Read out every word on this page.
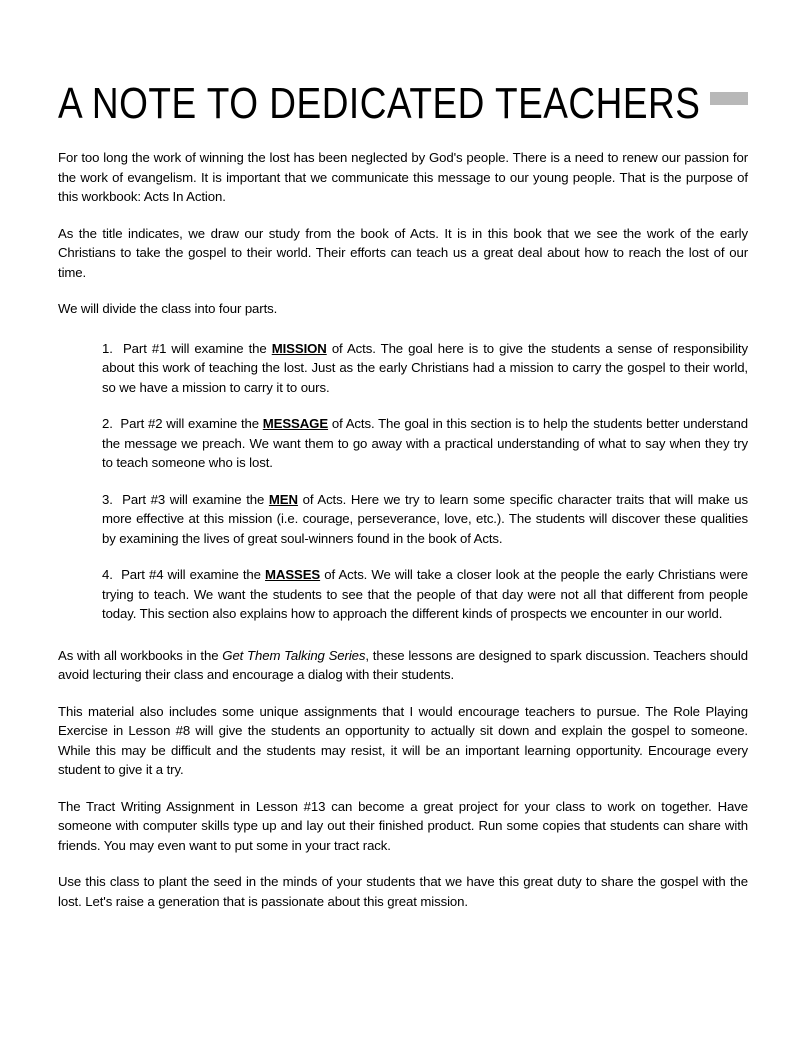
A NOTE TO DEDICATED TEACHERS

For too long the work of winning the lost has been neglected by God's people. There is a need to renew our passion for the work of evangelism. It is important that we communicate this message to our young people. That is the purpose of this workbook: Acts In Action.

As the title indicates, we draw our study from the book of Acts. It is in this book that we see the work of the early Christians to take the gospel to their world. Their efforts can teach us a great deal about how to reach the lost of our time.

We will divide the class into four parts.

1. Part #1 will examine the MISSION of Acts. The goal here is to give the students a sense of responsibility about this work of teaching the lost. Just as the early Christians had a mission to carry the gospel to their world, so we have a mission to carry it to ours.

2. Part #2 will examine the MESSAGE of Acts. The goal in this section is to help the students better understand the message we preach. We want them to go away with a practical understanding of what to say when they try to teach someone who is lost.

3. Part #3 will examine the MEN of Acts. Here we try to learn some specific character traits that will make us more effective at this mission (i.e. courage, perseverance, love, etc.). The students will discover these qualities by examining the lives of great soul-winners found in the book of Acts.

4. Part #4 will examine the MASSES of Acts. We will take a closer look at the people the early Christians were trying to teach. We want the students to see that the people of that day were not all that different from people today. This section also explains how to approach the different kinds of prospects we encounter in our world.

As with all workbooks in the Get Them Talking Series, these lessons are designed to spark discussion. Teachers should avoid lecturing their class and encourage a dialog with their students.

This material also includes some unique assignments that I would encourage teachers to pursue. The Role Playing Exercise in Lesson #8 will give the students an opportunity to actually sit down and explain the gospel to someone. While this may be difficult and the students may resist, it will be an important learning opportunity. Encourage every student to give it a try.

The Tract Writing Assignment in Lesson #13 can become a great project for your class to work on together. Have someone with computer skills type up and lay out their finished product. Run some copies that students can share with friends. You may even want to put some in your tract rack.

Use this class to plant the seed in the minds of your students that we have this great duty to share the gospel with the lost. Let's raise a generation that is passionate about this great mission.
